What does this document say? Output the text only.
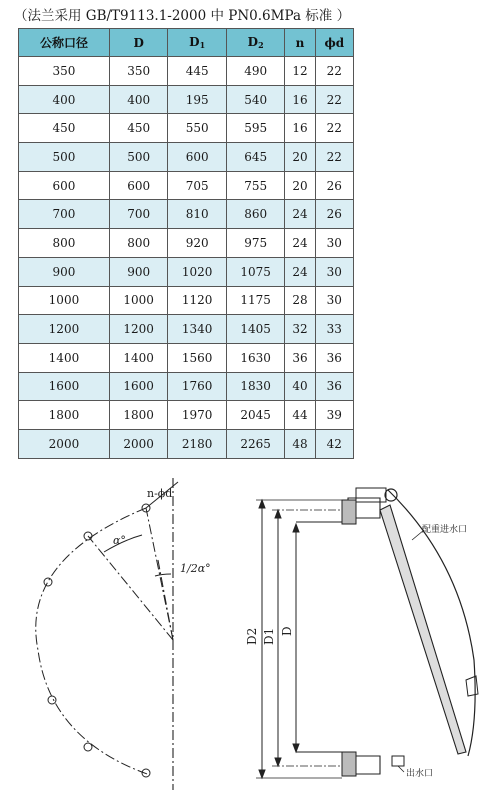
（法兰采用 GB/T9113.1-2000 中 PN0.6MPa 标准 ）
公称口径	D	$D_1$	$D_2$	n	ϕd
350	350	445	490	12	22
400	400	195	540	16	22
450	450	550	595	16	22
500	500	600	645	20	22
600	600	705	755	20	26
700	700	810	860	24	26
800	800	920	975	24	30
900	900	1020	1075	24	30
1000	1000	1120	1175	28	30
1200	1200	1340	1405	32	33
1400	1400	1560	1630	36	36
1600	1600	1760	1830	40	36
1800	1800	1970	2045	44	39
2000	2000	2180	2265	48	42
n-ϕd
α°
1/2α°
D2 D1 D
配重进水口
出水口
